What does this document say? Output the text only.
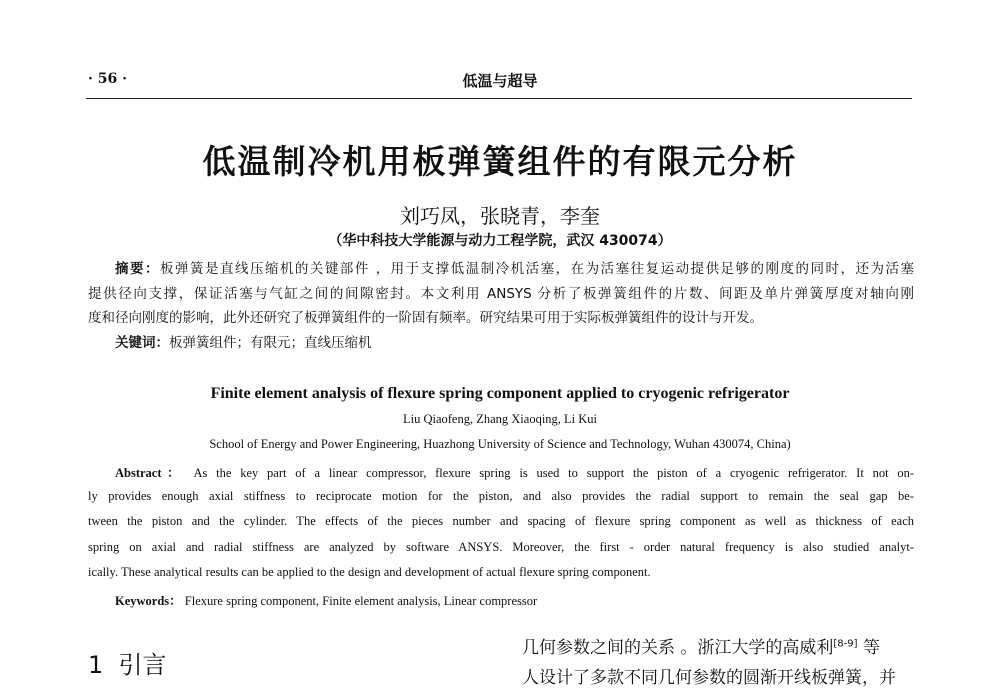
· 56 ·	低温与超导
低温制冷机用板弹簧组件的有限元分析
刘巧凤，张晓青，李奎
（华中科技大学能源与动力工程学院，武汉 430074）
摘要：板弹簧是直线压缩机的关键部件 ，用于支撑低温制冷机活塞，在为活塞往复运动提供足够的刚度的同时，还为活塞
提供径向支撑，保证活塞与气缸之间的间隙密封。本文利用 ANSYS 分析了板弹簧组件的片数、间距及单片弹簧厚度对轴向刚
度和径向刚度的影响，此外还研究了板弹簧组件的一阶固有频率。研究结果可用于实际板弹簧组件的设计与开发。
关键词：板弹簧组件；有限元；直线压缩机
Finite element analysis of flexure spring component applied to cryogenic refrigerator
Liu Qiaofeng, Zhang Xiaoqing, Li Kui
School of Energy and Power Engineering, Huazhong University of Science and Technology, Wuhan 430074, China)
Abstract： As the key part of a linear compressor, flexure spring is used to support the piston of a cryogenic refrigerator. It not on-
ly provides enough axial stiffness to reciprocate motion for the piston, and also provides the radial support to remain the seal gap be-
tween the piston and the cylinder. The effects of the pieces number and spacing of flexure spring component as well as thickness of each
spring on axial and radial stiffness are analyzed by software ANSYS. Moreover, the first - order natural frequency is also studied analyt-
ically. These analytical results can be applied to the design and development of actual flexure spring component.
Keywords： Flexure spring component, Finite element analysis, Linear compressor
1 引言
几何参数之间的关系 。浙江大学的高威利[8-9] 等
人设计了多款不同几何参数的圆渐开线板弹簧，并
